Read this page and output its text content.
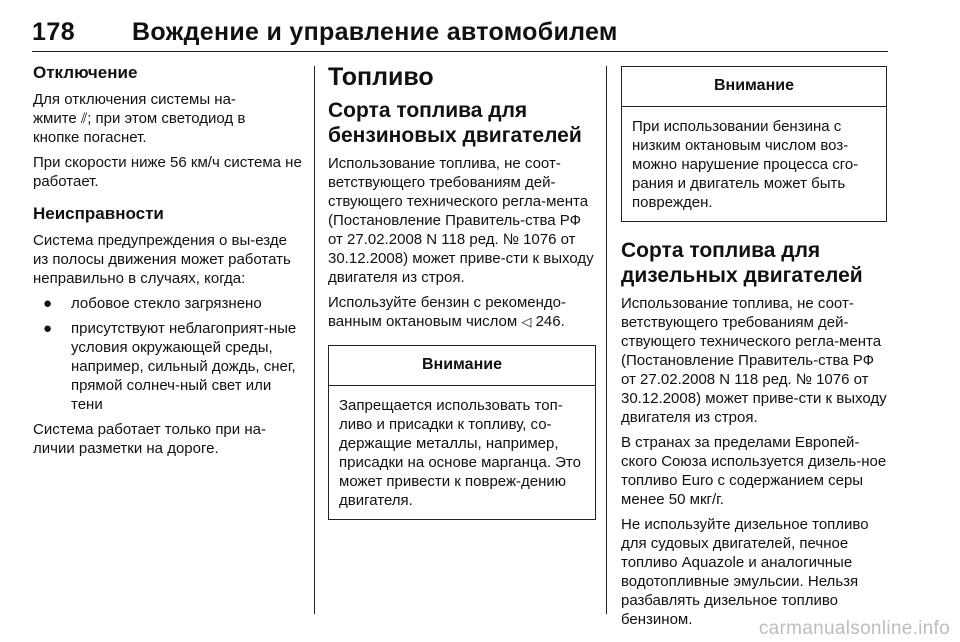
178 Вождение и управление автомобилем
Отключение

Для отключения системы на-
жмите ⫽; при этом светодиод в
кнопке погаснет.

При скорости ниже 56 км/ч система не работает.

Неисправности

Система предупреждения о вы-езде из полосы движения может работать неправильно в случаях, когда:

● лобовое стекло загрязнено
● присутствуют неблагоприят-ные условия окружающей среды, например, сильный дождь, снег, прямой солнеч-ный свет или тени

Система работает только при на-личии разметки на дороге.

Топливо
Сорта топлива для бензиновых двигателей

Использование топлива, не соот-ветствующего требованиям дей-ствующего технического регла-мента (Постановление Правитель-ства РФ от 27.02.2008 N 118 ред. № 1076 от 30.12.2008) может приве-сти к выходу двигателя из строя.

Используйте бензин с рекомендо-ванным октановым числом ◁ 246.

Внимание

Запрещается использовать топ-ливо и присадки к топливу, со-держащие металлы, например, присадки на основе марганца. Это может привести к повреж-дению двигателя.

Внимание

При использовании бензина с низким октановым числом воз-можно нарушение процесса сго-рания и двигатель может быть поврежден.

Сорта топлива для дизельных двигателей

Использование топлива, не соот-ветствующего требованиям дей-ствующего технического регла-мента (Постановление Правитель-ства РФ от 27.02.2008 N 118 ред. № 1076 от 30.12.2008) может приве-сти к выходу двигателя из строя.

В странах за пределами Европей-ского Союза используется дизель-ное топливо Euro с содержанием серы менее 50 мкг/г.

Не используйте дизельное топливо для судовых двигателей, печное топливо Aquazole и аналогичные водотопливные эмульсии. Нельзя разбавлять дизельное топливо бензином.	carmanualsonline.info
